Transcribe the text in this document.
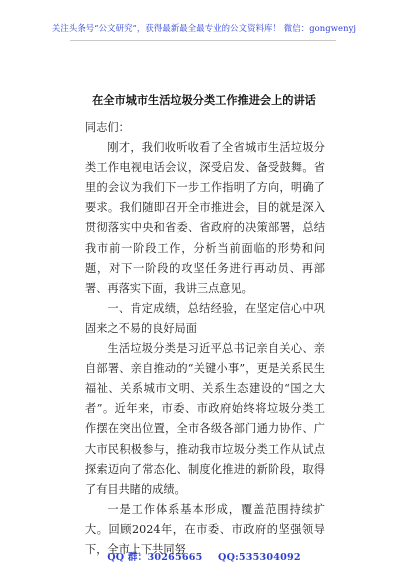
关注头条号“公文研究”，获得最新最全最专业的公文资料库！ 微信：gongwenyj
在全市城市生活垃圾分类工作推进会上的讲话

同志们：

刚才，我们收听收看了全省城市生活垃圾分类工作电视电话会议，深受启发、备受鼓舞。省里的会议为我们下一步工作指明了方向，明确了要求。我们随即召开全市推进会，目的就是深入贯彻落实中央和省委、省政府的决策部署，总结我市前一阶段工作，分析当前面临的形势和问题，对下一阶段的攻坚任务进行再动员、再部署、再落实下面，我讲三点意见。

一、肯定成绩，总结经验，在坚定信心中巩固来之不易的良好局面

生活垃圾分类是习近平总书记亲自关心、亲自部署、亲自推动的“关键小事”，更是关系民生福祉、关系城市文明、关系生态建设的“国之大者”。近年来，市委、市政府始终将垃圾分类工作摆在突出位置，全市各级各部门通力协作、广大市民积极参与，推动我市垃圾分类工作从试点探索迈向了常态化、制度化推进的新阶段，取得了有目共睹的成绩。

一是工作体系基本形成，覆盖范围持续扩大。回顾2024年，在市委、市政府的坚强领导下，全市上下共同努

QQ 群：30265665 QQ:535304092
